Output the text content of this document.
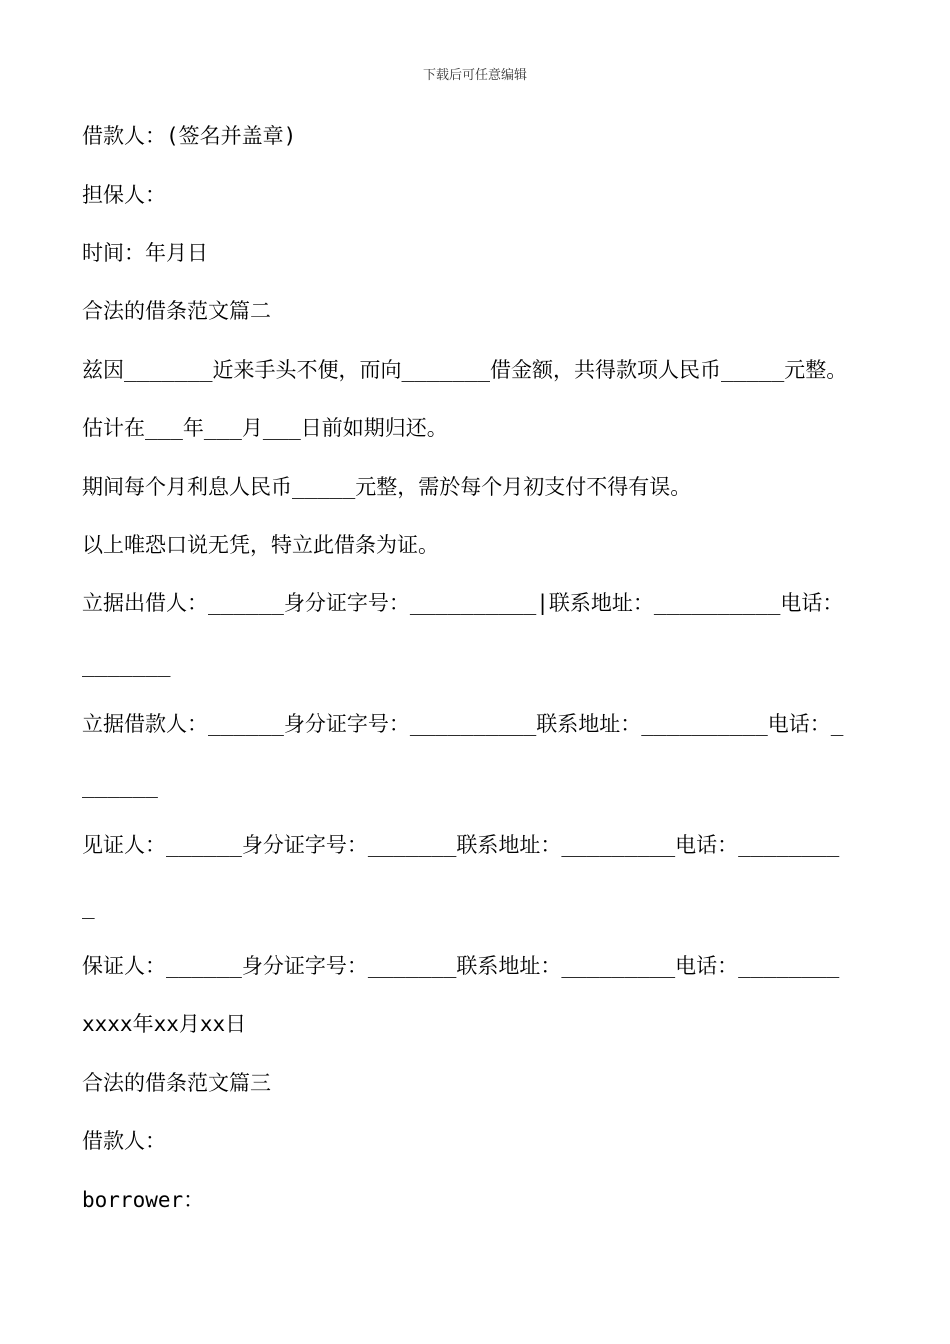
下载后可任意编辑
借款人：(签名并盖章)
担保人：
时间：年月日
合法的借条范文篇二
兹因_______近来手头不便，而向_______借金额，共得款项人民币_____元整。
估计在___年___月___日前如期归还。
期间每个月利息人民币_____元整，需於每个月初支付不得有误。
以上唯恐口说无凭，特立此借条为证。
立据出借人：______身分证字号：__________|联系地址：__________电话：
_______
立据借款人：______身分证字号：__________联系地址：__________电话：_
______
见证人：______身分证字号：_______联系地址：_________电话：________
_
保证人：______身分证字号：_______联系地址：_________电话：________
xxxx年xx月xx日
合法的借条范文篇三
借款人：
borrower：
